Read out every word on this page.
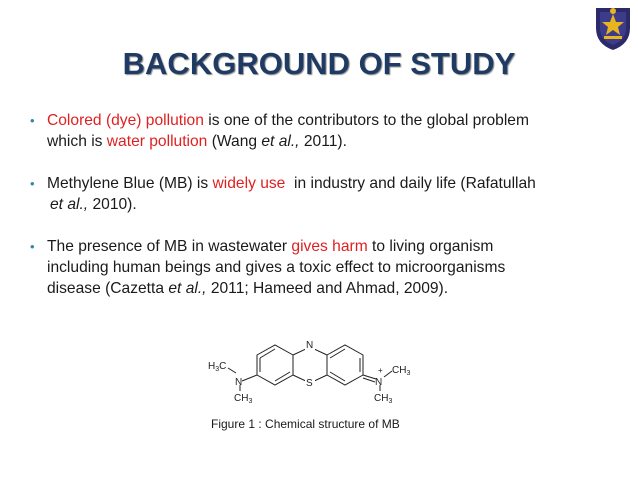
BACKGROUND OF STUDY
• Colored (dye) pollution is one of the contributors to the global problem
which is water pollution (Wang et al., 2011).
• Methylene Blue (MB) is widely use  in industry and daily life (Rafatullah
et al., 2010).
• The presence of MB in wastewater gives harm to living organism
including human beings and gives a toxic effect to microorganisms
disease (Cazetta et al., 2011; Hameed and Ahmad, 2009).
N
S
$H_3C$
N
$CH_3$
N
+ $CH_3$
$CH_3$
Figure 1 : Chemical structure of MB
